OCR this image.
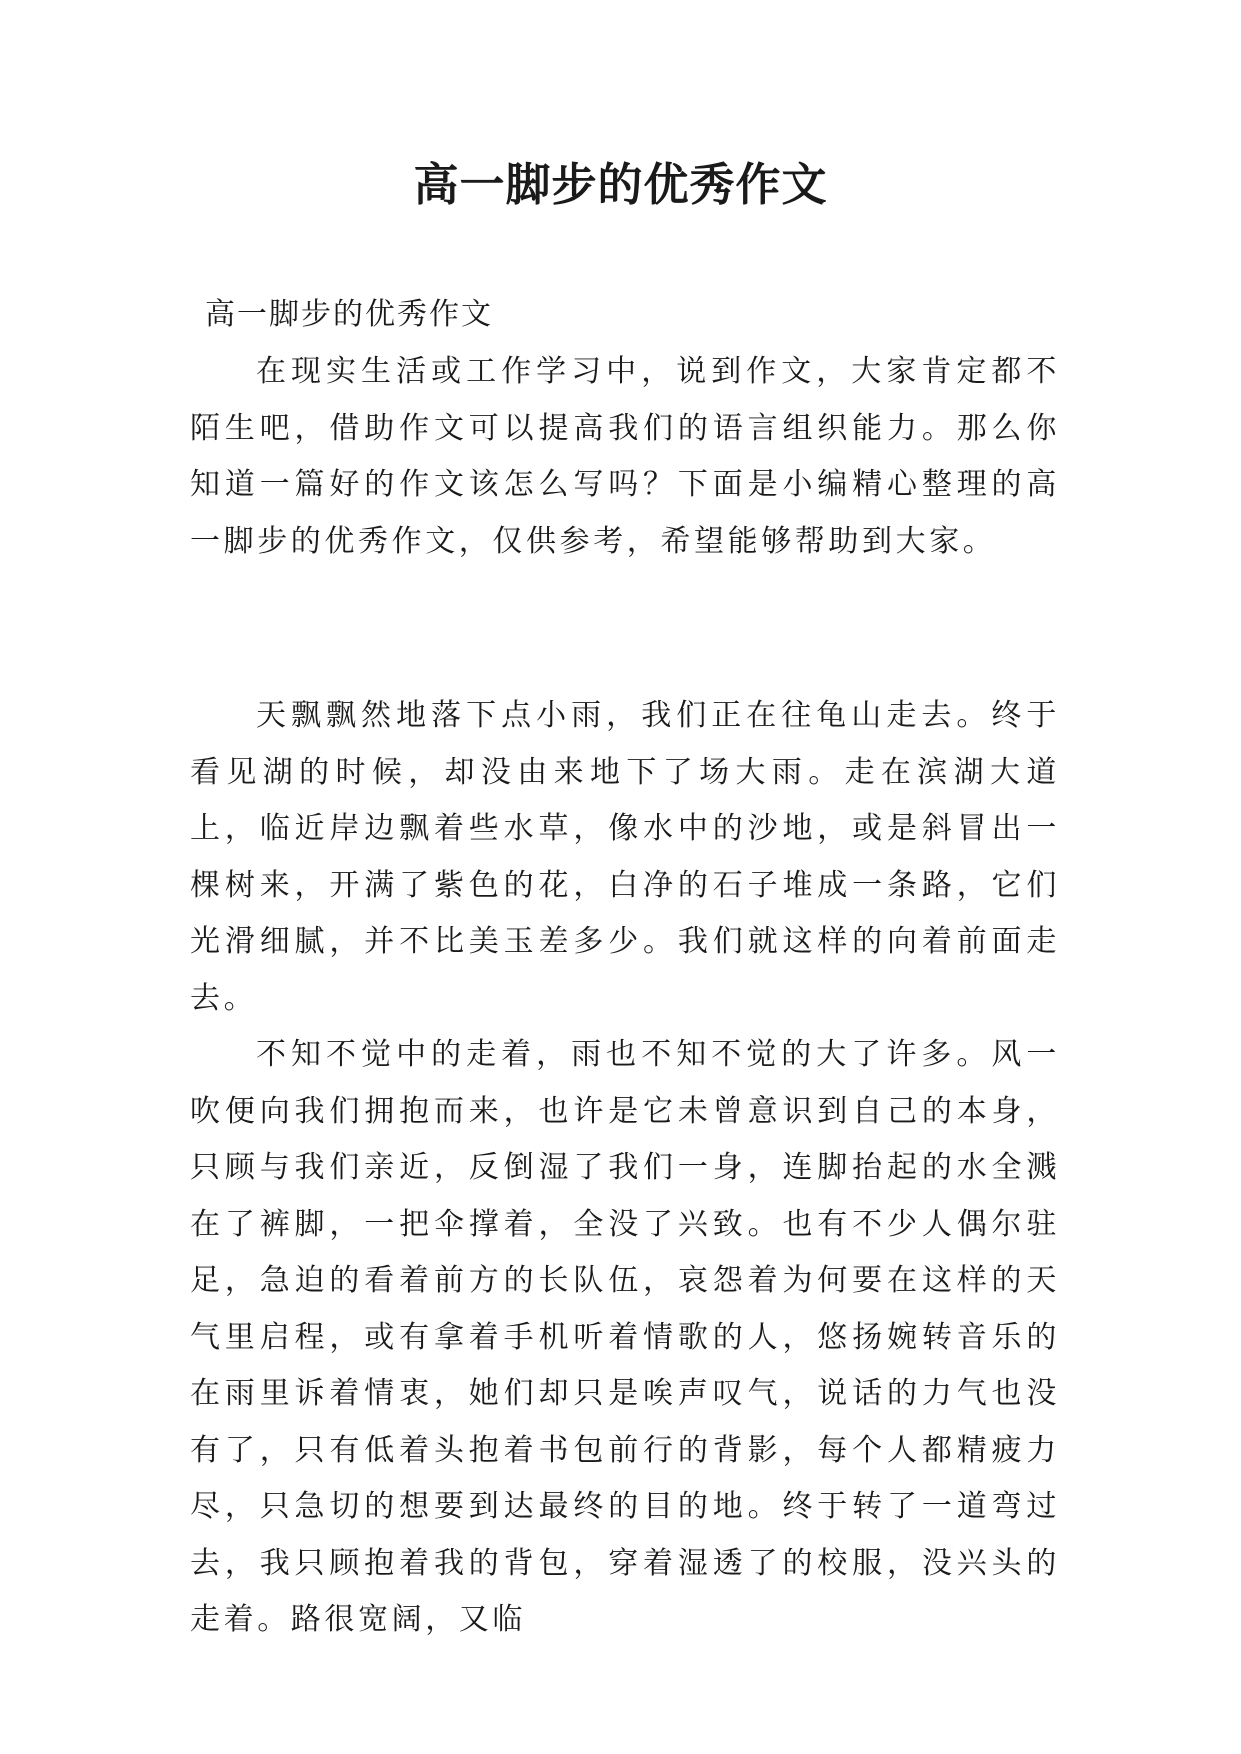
高一脚步的优秀作文

高一脚步的优秀作文

在现实生活或工作学习中，说到作文，大家肯定都不陌生吧，借助作文可以提高我们的语言组织能力。那么你知道一篇好的作文该怎么写吗？下面是小编精心整理的高一脚步的优秀作文，仅供参考，希望能够帮助到大家。

天飘飘然地落下点小雨，我们正在往龟山走去。终于看见湖的时候，却没由来地下了场大雨。走在滨湖大道上，临近岸边飘着些水草，像水中的沙地，或是斜冒出一棵树来，开满了紫色的花，白净的石子堆成一条路，它们光滑细腻，并不比美玉差多少。我们就这样的向着前面走去。

不知不觉中的走着，雨也不知不觉的大了许多。风一吹便向我们拥抱而来，也许是它未曾意识到自己的本身，只顾与我们亲近，反倒湿了我们一身，连脚抬起的水全溅在了裤脚，一把伞撑着，全没了兴致。也有不少人偶尔驻足，急迫的看着前方的长队伍，哀怨着为何要在这样的天气里启程，或有拿着手机听着情歌的人，悠扬婉转音乐的在雨里诉着情衷，她们却只是唉声叹气，说话的力气也没有了，只有低着头抱着书包前行的背影，每个人都精疲力尽，只急切的想要到达最终的目的地。终于转了一道弯过去，我只顾抱着我的背包，穿着湿透了的校服，没兴头的走着。路很宽阔，又临
